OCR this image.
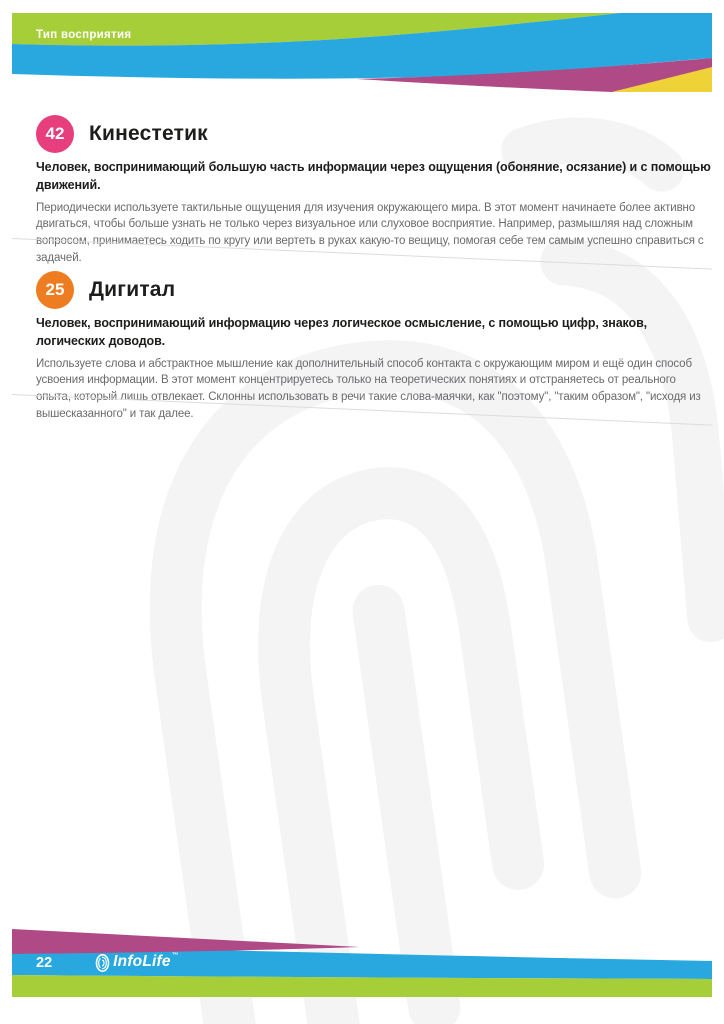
Тип восприятия
42	Кинестетик
Человек, воспринимающий большую часть информации через ощущения (обоняние, осязание) и с помощью движений.
Периодически используете тактильные ощущения для изучения окружающего мира. В этот момент начинаете более активно двигаться, чтобы больше узнать не только через визуальное или слуховое восприятие. Например, размышляя над сложным вопросом, принимаетесь ходить по кругу или вертеть в руках какую-то вещицу, помогая себе тем самым успешно справиться с задачей.
25	Дигитал
Человек, воспринимающий информацию через логическое осмысление, с помощью цифр, знаков, логических доводов.
Используете слова и абстрактное мышление как дополнительный способ контакта с окружающим миром и ещё один способ усвоения информации. В этот момент концентрируетесь только на теоретических понятиях и отстраняетесь от реального опыта, который лишь отвлекает. Склонны использовать в речи такие слова-маячки, как "поэтому", "таким образом", "исходя из вышесказанного" и так далее.
22	InfoLife™
